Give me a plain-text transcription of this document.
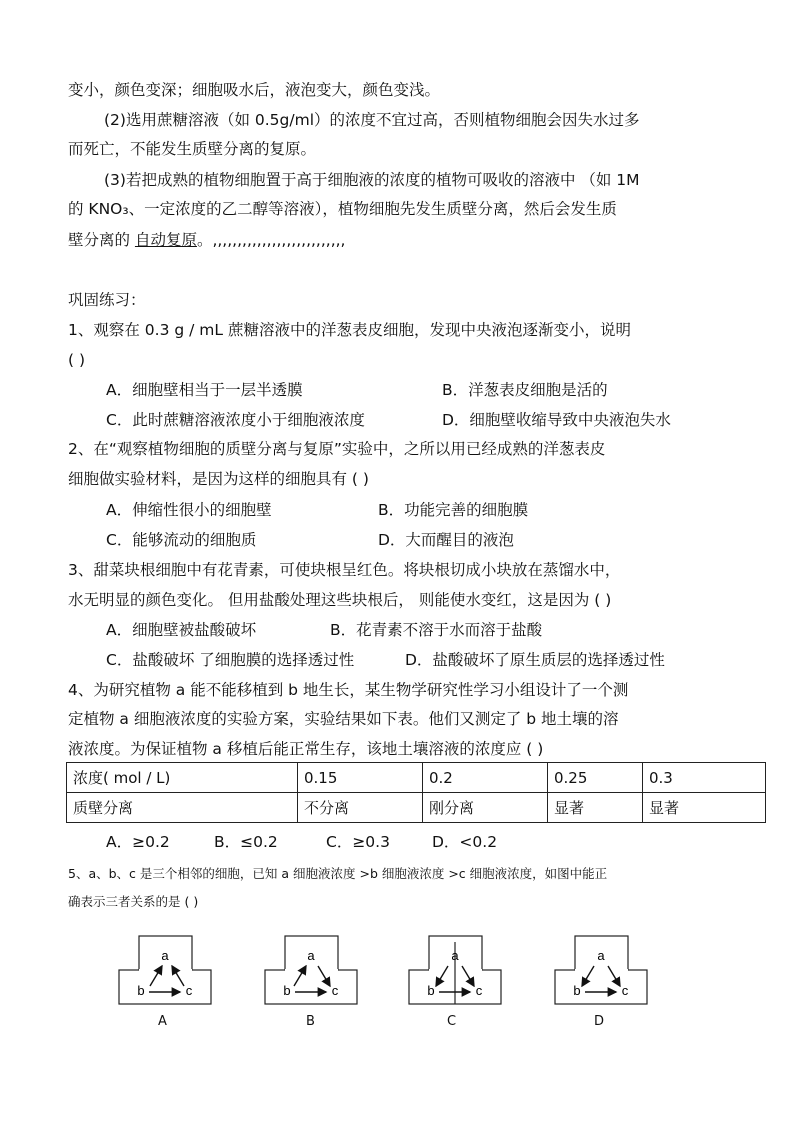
变小，颜色变深；细胞吸水后，液泡变大，颜色变浅。
(2)选用蔗糖溶液（如 0.5g/ml）的浓度不宜过高，否则植物细胞会因失水过多
而死亡，不能发生质壁分离的复原。
(3)若把成熟的植物细胞置于高于细胞液的浓度的植物可吸收的溶液中 （如 1M
的 KNO₃、一定浓度的乙二醇等溶液），植物细胞先发生质壁分离，然后会发生质
壁分离的 自动复原。,,,,,,,,,,,,,,,,,,,,,,,,,,,
巩固练习：
1、观察在 0.3 g / mL 蔗糖溶液中的洋葱表皮细胞，发现中央液泡逐渐变小，说明
( )
A．细胞壁相当于一层半透膜	B．洋葱表皮细胞是活的
C．此时蔗糖溶液浓度小于细胞液浓度	D．细胞壁收缩导致中央液泡失水
2、在“观察植物细胞的质壁分离与复原”实验中，之所以用已经成熟的洋葱表皮
细胞做实验材料，是因为这样的细胞具有 ( )
A．伸缩性很小的细胞壁	B．功能完善的细胞膜
C．能够流动的细胞质	D．大而醒目的液泡
3、甜菜块根细胞中有花青素，可使块根呈红色。将块根切成小块放在蒸馏水中，
水无明显的颜色变化。 但用盐酸处理这些块根后， 则能使水变红，这是因为 ( )
A．细胞壁被盐酸破坏	B．花青素不溶于水而溶于盐酸
C．盐酸破坏 了细胞膜的选择透过性	D．盐酸破坏了原生质层的选择透过性
4、为研究植物 a 能不能移植到 b 地生长，某生物学研究性学习小组设计了一个测
定植物 a 细胞液浓度的实验方案，实验结果如下表。他们又测定了 b 地土壤的溶
液浓度。为保证植物 a 移植后能正常生存，该地土壤溶液的浓度应 ( )
浓度( mol / L)	0.15	0.2	0.25	0.3
质壁分离	不分离	刚分离	显著	显著
A．≥0.2	B．≤0.2	C．≥0.3	D．<0.2
5、a、b、c 是三个相邻的细胞，已知 a 细胞液浓度 >b 细胞液浓度 >c 细胞液浓度，如图中能正
确表示三者关系的是 ( )
a
b	c
A
a
b	c
B
a
b	c
C
a
b	c
D
